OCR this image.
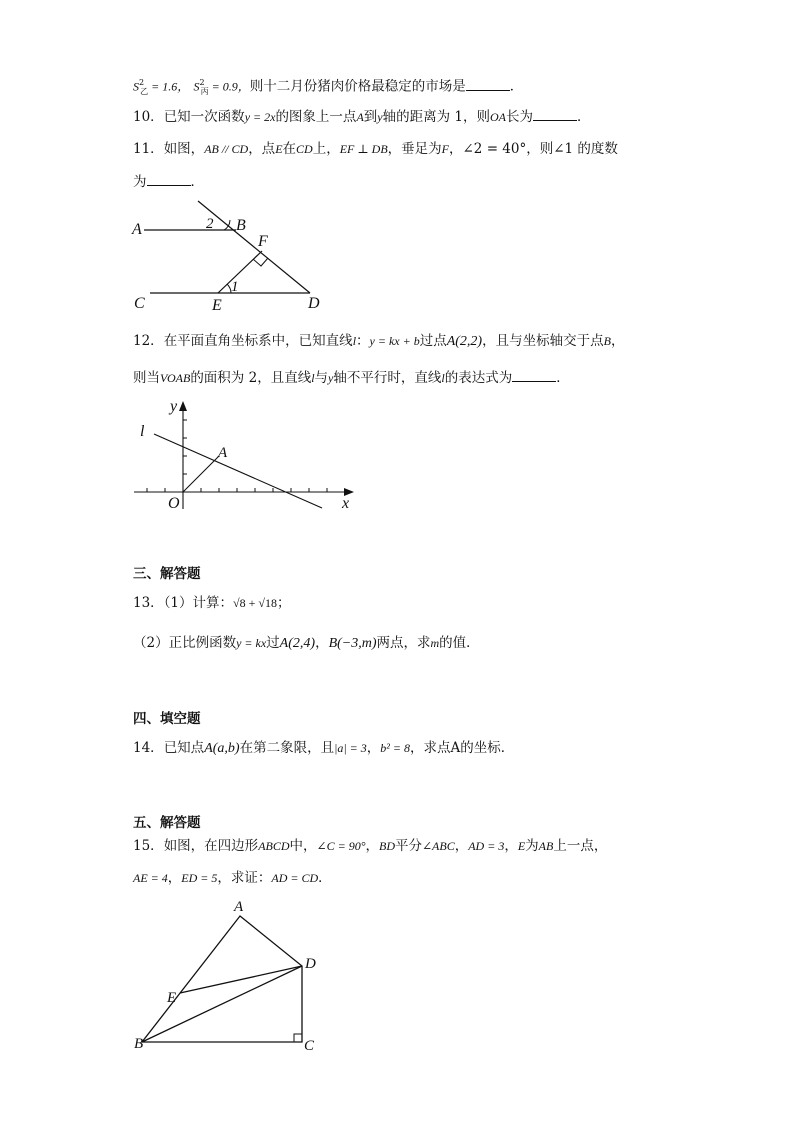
$S^2_乙 = 1.6$， $S^2_丙 = 0.9$，则十二月份猪肉价格最稳定的市场是	．
10．已知一次函数y = 2x的图象上一点A到y轴的距离为 1，则OA长为	．
11．如图，AB // CD，点E在CD上，EF ⊥ DB，垂足为F，∠2 = 40°，则∠1 的度数
为	．
A	B
C	D
E
F
1
2
12．在平面直角坐标系中，已知直线l：y = kx + b过点A(2,2)，且与坐标轴交于点B，
则当VOAB的面积为 2，且直线l与y轴不平行时，直线l的表达式为	．
y
x
O
A
l
三、解答题
13．（1）计算：√8 + √18；
（2）正比例函数y = kx过A(2,4)，B(−3,m)两点，求m的值．
四、填空题
14．已知点A(a,b)在第二象限，且|a| = 3，b² = 8，求点A的坐标．
五、解答题
15．如图，在四边形ABCD中，∠C = 90°，BD平分∠ABC，AD = 3，E为AB上一点，
AE = 4，ED = 5，求证：AD = CD．
A
B	C
D
E
